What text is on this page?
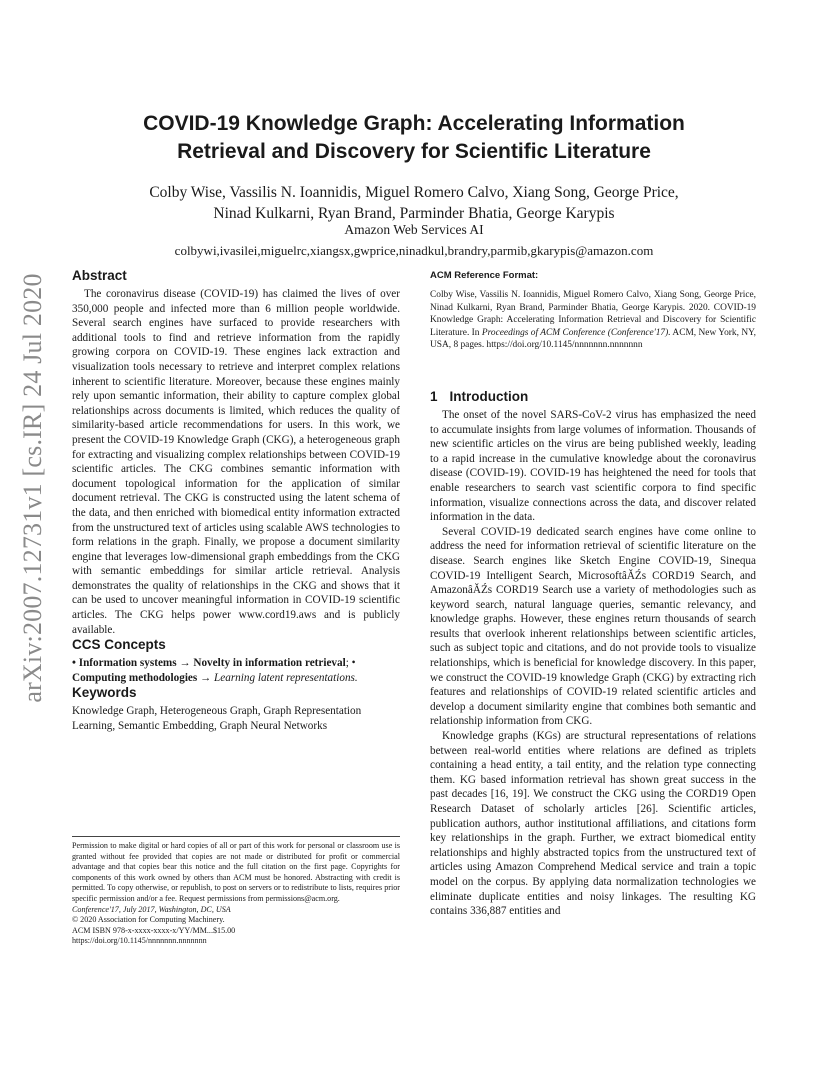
arXiv:2007.12731v1 [cs.IR] 24 Jul 2020
COVID-19 Knowledge Graph: Accelerating Information
Retrieval and Discovery for Scientific Literature
Colby Wise, Vassilis N. Ioannidis, Miguel Romero Calvo, Xiang Song, George Price,
Ninad Kulkarni, Ryan Brand, Parminder Bhatia, George Karypis
Amazon Web Services AI
colbywi,ivasilei,miguelrc,xiangsx,gwprice,ninadkul,brandry,parmib,gkarypis@amazon.com
Abstract

The coronavirus disease (COVID-19) has claimed the lives of over 350,000 people and infected more than 6 million people worldwide. Several search engines have surfaced to provide researchers with additional tools to find and retrieve information from the rapidly growing corpora on COVID-19. These engines lack extraction and visualization tools necessary to retrieve and interpret complex relations inherent to scientific literature. Moreover, because these engines mainly rely upon semantic information, their ability to capture complex global relationships across documents is limited, which reduces the quality of similarity-based article recommendations for users. In this work, we present the COVID-19 Knowledge Graph (CKG), a heterogeneous graph for extracting and visualizing complex relationships between COVID-19 scientific articles. The CKG combines semantic information with document topological information for the application of similar document retrieval. The CKG is constructed using the latent schema of the data, and then enriched with biomedical entity information extracted from the unstructured text of articles using scalable AWS technologies to form relations in the graph. Finally, we propose a document similarity engine that leverages low-dimensional graph embeddings from the CKG with semantic embeddings for similar article retrieval. Analysis demonstrates the quality of relationships in the CKG and shows that it can be used to uncover meaningful information in COVID-19 scientific articles. The CKG helps power www.cord19.aws and is publicly available.

CCS Concepts

• Information systems → Novelty in information retrieval; •
Computing methodologies → Learning latent representations.

Keywords

Knowledge Graph, Heterogeneous Graph, Graph Representation Learning, Semantic Embedding, Graph Neural Networks

Permission to make digital or hard copies of all or part of this work for personal or classroom use is granted without fee provided that copies are not made or distributed for profit or commercial advantage and that copies bear this notice and the full citation on the first page. Copyrights for components of this work owned by others than ACM must be honored. Abstracting with credit is permitted. To copy otherwise, or republish, to post on servers or to redistribute to lists, requires prior specific permission and/or a fee. Request permissions from permissions@acm.org.
Conference'17, July 2017, Washington, DC, USA
© 2020 Association for Computing Machinery.
ACM ISBN 978-x-xxxx-xxxx-x/YY/MM...$15.00
https://doi.org/10.1145/nnnnnnn.nnnnnnn
ACM Reference Format:

Colby Wise, Vassilis N. Ioannidis, Miguel Romero Calvo, Xiang Song, George Price, Ninad Kulkarni, Ryan Brand, Parminder Bhatia, George Karypis. 2020. COVID-19 Knowledge Graph: Accelerating Information Retrieval and Discovery for Scientific Literature. In Proceedings of ACM Conference (Conference'17). ACM, New York, NY, USA, 8 pages. https://doi.org/10.1145/nnnnnnn.nnnnnnn

1 Introduction

The onset of the novel SARS-CoV-2 virus has emphasized the need to accumulate insights from large volumes of information. Thousands of new scientific articles on the virus are being published weekly, leading to a rapid increase in the cumulative knowledge about the coronavirus disease (COVID-19). COVID-19 has heightened the need for tools that enable researchers to search vast scientific corpora to find specific information, visualize connections across the data, and discover related information in the data.

Several COVID-19 dedicated search engines have come online to address the need for information retrieval of scientific literature on the disease. Search engines like Sketch Engine COVID-19, Sinequa COVID-19 Intelligent Search, MicrosoftâĂŹs CORD19 Search, and AmazonâĂŹs CORD19 Search use a variety of methodologies such as keyword search, natural language queries, semantic relevancy, and knowledge graphs. However, these engines return thousands of search results that overlook inherent relationships between scientific articles, such as subject topic and citations, and do not provide tools to visualize relationships, which is beneficial for knowledge discovery. In this paper, we construct the COVID-19 knowledge Graph (CKG) by extracting rich features and relationships of COVID-19 related scientific articles and develop a document similarity engine that combines both semantic and relationship information from CKG.

Knowledge graphs (KGs) are structural representations of relations between real-world entities where relations are defined as triplets containing a head entity, a tail entity, and the relation type connecting them. KG based information retrieval has shown great success in the past decades [16, 19]. We construct the CKG using the CORD19 Open Research Dataset of scholarly articles [26]. Scientific articles, publication authors, author institutional affiliations, and citations form key relationships in the graph. Further, we extract biomedical entity relationships and highly abstracted topics from the unstructured text of articles using Amazon Comprehend Medical service and train a topic model on the corpus. By applying data normalization technologies we eliminate duplicate entities and noisy linkages. The resulting KG contains 336,887 entities and
